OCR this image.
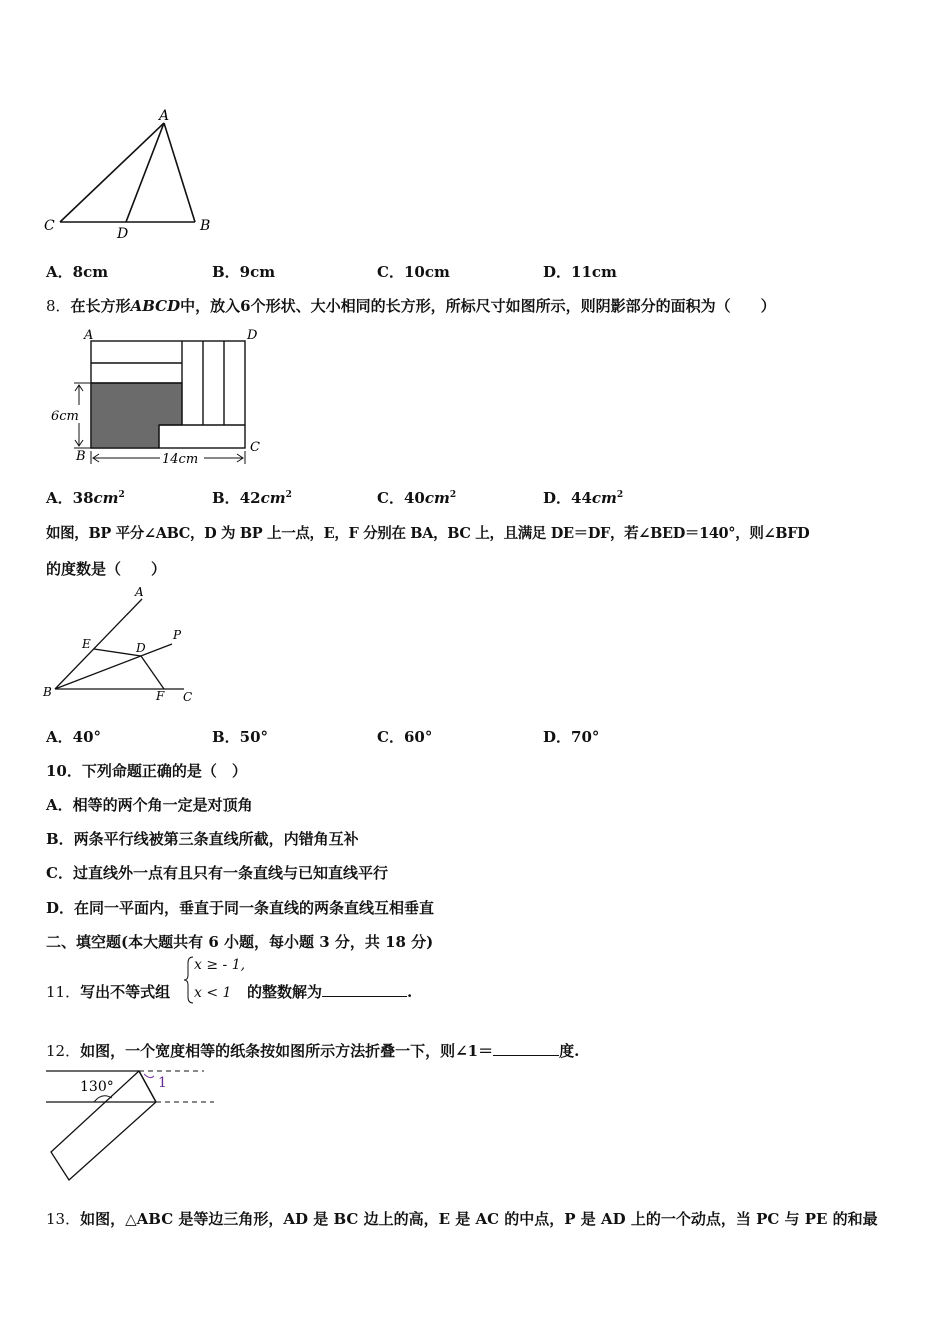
A
C	D	B
A．8cm	B．9cm	C．10cm	D．11cm
8．在长方形ABCD中，放入6个形状、大小相同的长方形，所标尺寸如图所示，则阴影部分的面积为（　　）
A	D
B
C
6cm
14cm
A．$38cm^2$	B．$42cm^2$	C．$40cm^2$	D．$44cm^2$
如图，BP 平分∠ABC，D 为 BP 上一点，E，F 分别在 BA，BC 上，且满足 DE＝DF，若∠BED＝140°，则∠BFD
的度数是（　　）
A
P
E	D
B	F C
A．40°	B．50°	C．60°	D．70°
10．下列命题正确的是（　）
A．相等的两个角一定是对顶角
B．两条平行线被第三条直线所截，内错角互补
C．过直线外一点有且只有一条直线与已知直线平行
D．在同一平面内，垂直于同一条直线的两条直线互相垂直
二、填空题(本大题共有 6 小题，每小题 3 分，共 18 分)
11．写出不等式组
x ≥ - 1,
x < 1 的整数解为	.
12．如图，一个宽度相等的纸条按如图所示方法折叠一下，则∠1＝	度.
130°	1
13．如图，△ABC 是等边三角形，AD 是 BC 边上的高，E 是 AC 的中点，P 是 AD 上的一个动点，当 PC 与 PE 的和最
